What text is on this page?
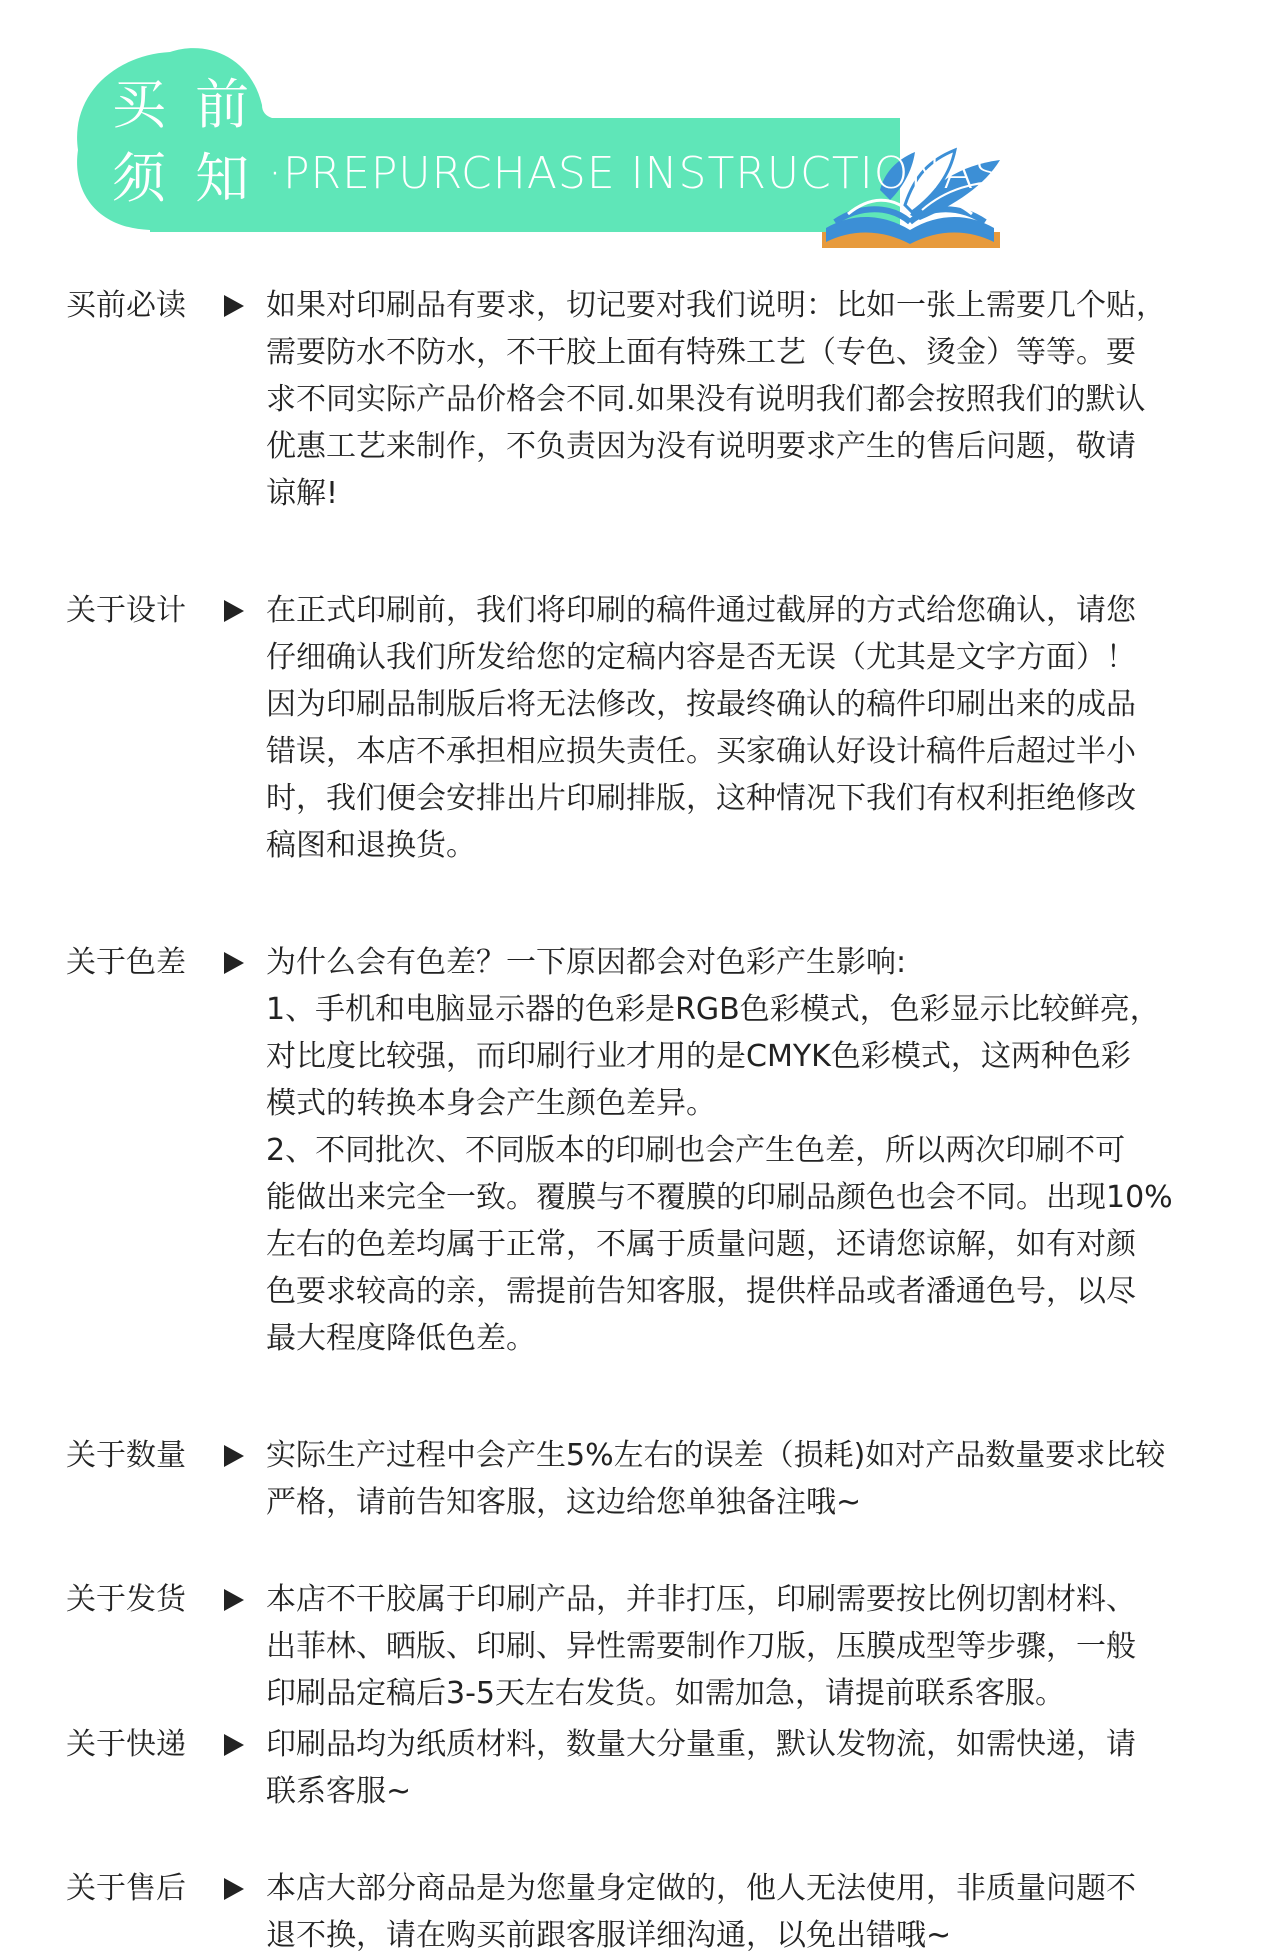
买 前
须 知 ·PREPURCHASE INSTRUCTIONAS
买前必读	如果对印刷品有要求，切记要对我们说明：比如一张上需要几个贴，
需要防水不防水，不干胶上面有特殊工艺（专色、烫金）等等。要
求不同实际产品价格会不同.如果没有说明我们都会按照我们的默认
优惠工艺来制作，不负责因为没有说明要求产生的售后问题，敬请
谅解!
关于设计	在正式印刷前，我们将印刷的稿件通过截屏的方式给您确认，请您
仔细确认我们所发给您的定稿内容是否无误（尤其是文字方面）！
因为印刷品制版后将无法修改，按最终确认的稿件印刷出来的成品
错误，本店不承担相应损失责任。买家确认好设计稿件后超过半小
时，我们便会安排出片印刷排版，这种情况下我们有权利拒绝修改
稿图和退换货。
关于色差	为什么会有色差？一下原因都会对色彩产生影响:
1、手机和电脑显示器的色彩是RGB色彩模式，色彩显示比较鲜亮，
对比度比较强，而印刷行业才用的是CMYK色彩模式，这两种色彩
模式的转换本身会产生颜色差异。
2、不同批次、不同版本的印刷也会产生色差，所以两次印刷不可
能做出来完全一致。覆膜与不覆膜的印刷品颜色也会不同。出现10%
左右的色差均属于正常，不属于质量问题，还请您谅解，如有对颜
色要求较高的亲，需提前告知客服，提供样品或者潘通色号，以尽
最大程度降低色差。
关于数量	实际生产过程中会产生5%左右的误差（损耗)如对产品数量要求比较
严格，请前告知客服，这边给您单独备注哦~
关于发货	本店不干胶属于印刷产品，并非打压，印刷需要按比例切割材料、
出菲林、晒版、印刷、异性需要制作刀版，压膜成型等步骤，一般
印刷品定稿后3-5天左右发货。如需加急，请提前联系客服。
关于快递	印刷品均为纸质材料，数量大分量重，默认发物流，如需快递，请
联系客服~
关于售后	本店大部分商品是为您量身定做的，他人无法使用，非质量问题不
退不换，请在购买前跟客服详细沟通，以免出错哦~
